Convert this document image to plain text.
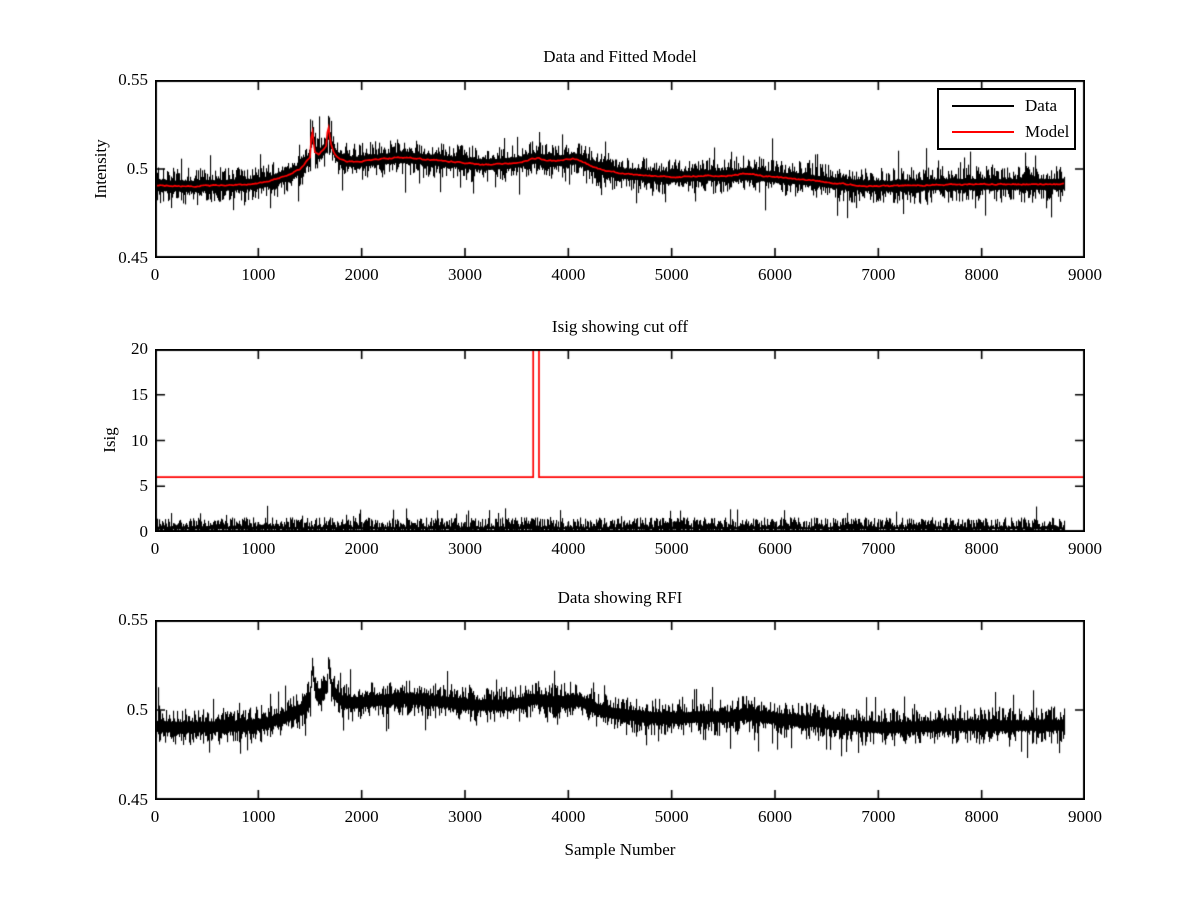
Data and Fitted Model
Intensity
Data
Model
Isig showing cut off
Isig
Data showing RFI
Sample Number
0	1000	2000	3000	4000	5000	6000	7000	8000	9000
0.45
0.5
0.55
0	1000	2000	3000	4000	5000	6000	7000	8000	9000
0
5
10
15
20
0	1000	2000	3000	4000	5000	6000	7000	8000	9000
0.45
0.5
0.55
